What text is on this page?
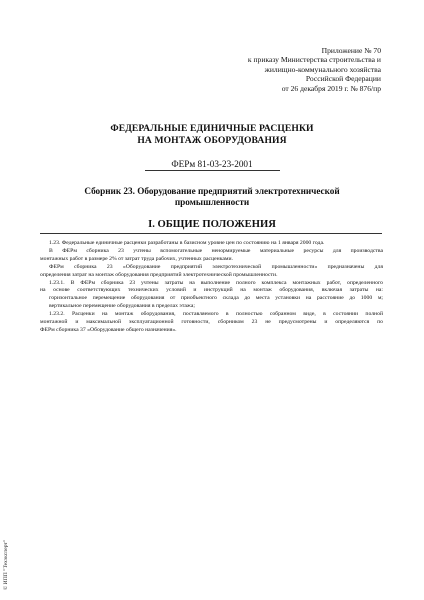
Приложение № 70
к приказу Министерства строительства и
жилищно-коммунального хозяйства
Российской Федерации
от 26 декабря 2019 г. № 876/пр
ФЕДЕРАЛЬНЫЕ ЕДИНИЧНЫЕ РАСЦЕНКИ
НА МОНТАЖ ОБОРУДОВАНИЯ
ФЕРм 81-03-23-2001
Сборник 23. Оборудование предприятий электротехнической
промышленности
I. ОБЩИЕ ПОЛОЖЕНИЯ

1.23. Федеральные единичные расценки разработаны в базисном уровне цен по состоянию на 1 января 2000 года.

В ФЕРм сборника 23 учтены вспомогательные ненормируемые материальные ресурсы для производства

монтажных работ в размере 2% от затрат труда рабочих, учтенных расценками.

ФЕРм сборника 23 «Оборудование предприятий электротехнической промышленности» предназначены для

определения затрат на монтаж оборудования предприятий электротехнической промышленности.

1.23.1. В ФЕРм сборника 23 учтены затраты на выполнение полного комплекса монтажных работ, определенного

на основе соответствующих технических условий и инструкций на монтаж оборудования, включая затраты на:
горизонтальное перемещение оборудования от приобъектного склада до места установки на расстояние до 1000 м;
вертикальное перемещение оборудования в пределах этажа;

1.23.2. Расценки на монтаж оборудования, поставляемого в полностью собранном виде, в состоянии полной

монтажной и максимальной эксплуатационной готовности, сборником 23 не предусмотрены и определяются по
ФЕРм сборника 37 «Оборудование общего назначения».
© ИПП "Техэксперт"
